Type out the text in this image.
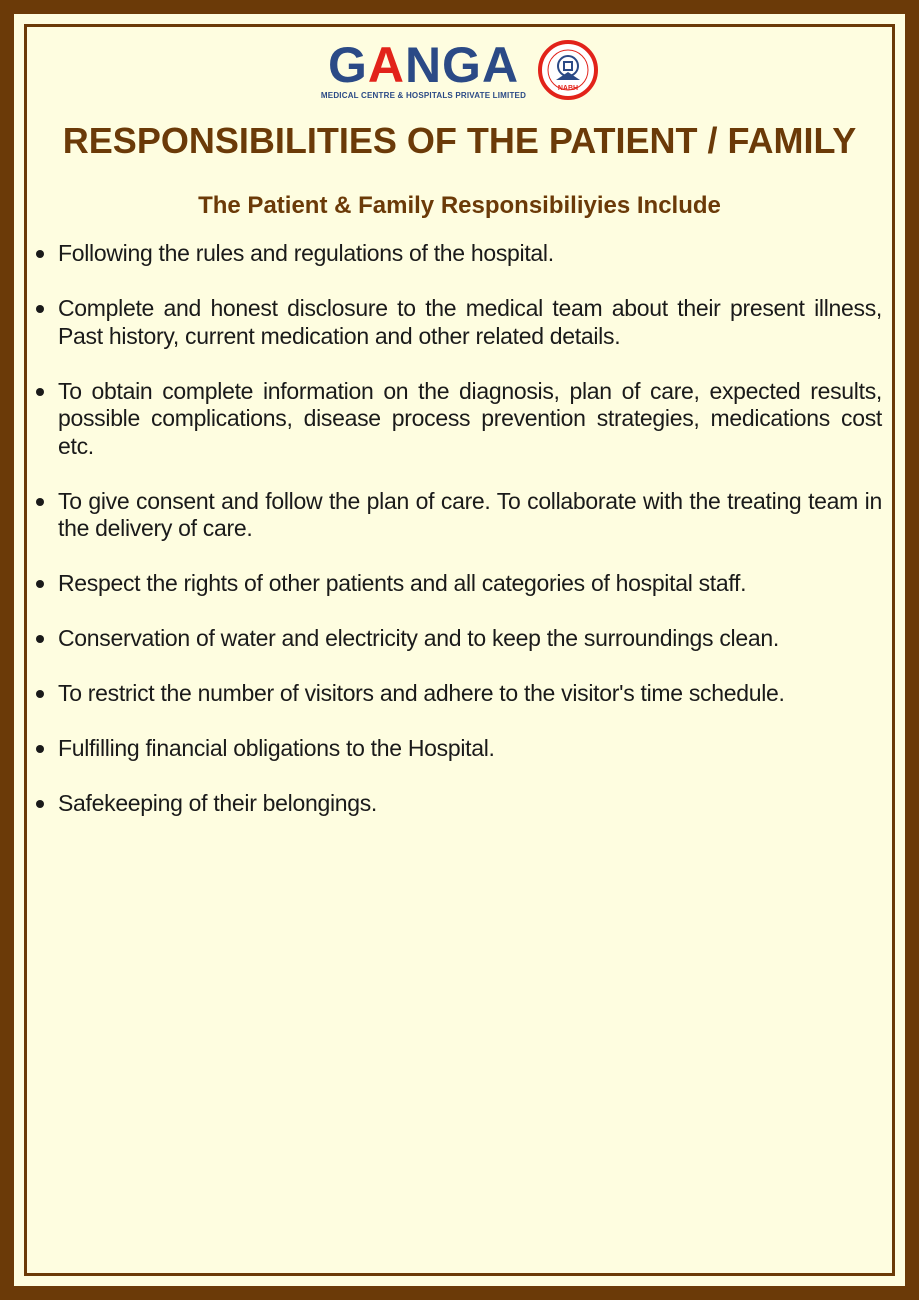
GANGA
MEDICAL CENTRE & HOSPITALS PRIVATE LIMITED
NABH
RESPONSIBILITIES OF THE PATIENT / FAMILY
The Patient & Family Responsibiliyies Include
Following the rules and regulations of the hospital.
Complete and honest disclosure to the medical team about their present illness, Past history, current medication and other related details.
To obtain complete information on the diagnosis, plan of care, expected results, possible complications, disease process prevention strategies, medications cost etc.
To give consent and follow the plan of care. To collaborate with the treating team in the delivery of care.
Respect the rights of other patients and all categories of hospital staff.
Conservation of water and electricity and to keep the surroundings clean.
To restrict the number of visitors and adhere to the visitor's time schedule.
Fulfilling financial obligations to the Hospital.
Safekeeping of their belongings.
